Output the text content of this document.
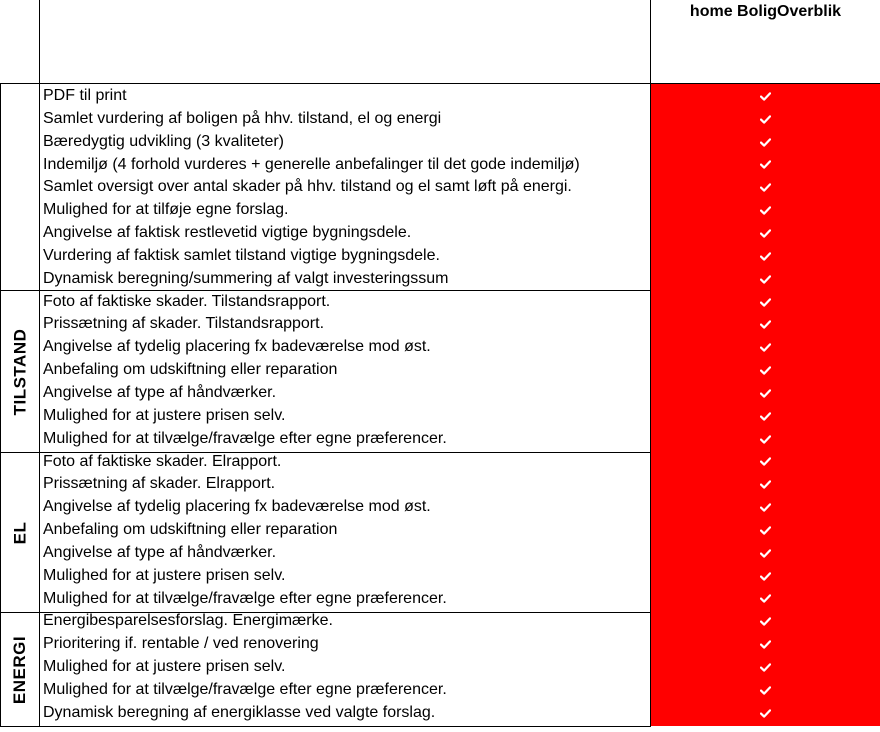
home BoligOverblik
PDF til print
Samlet vurdering af boligen på hhv. tilstand, el og energi
Bæredygtig udvikling (3 kvaliteter)
Indemiljø (4 forhold vurderes + generelle anbefalinger til det gode indemiljø)
Samlet oversigt over antal skader på hhv. tilstand og el samt løft på energi.
Mulighed for at tilføje egne forslag.
Angivelse af faktisk restlevetid vigtige bygningsdele.
Vurdering af faktisk samlet tilstand vigtige bygningsdele.
Dynamisk beregning/summering af valgt investeringssum
Foto af faktiske skader. Tilstandsrapport.
Prissætning af skader. Tilstandsrapport.
Angivelse af tydelig placering fx badeværelse mod øst.
Anbefaling om udskiftning eller reparation
Angivelse af type af håndværker.
Mulighed for at justere prisen selv.
Mulighed for at tilvælge/fravælge efter egne præferencer.
Foto af faktiske skader. Elrapport.
Prissætning af skader. Elrapport.
Angivelse af tydelig placering fx badeværelse mod øst.
Anbefaling om udskiftning eller reparation
Angivelse af type af håndværker.
Mulighed for at justere prisen selv.
Mulighed for at tilvælge/fravælge efter egne præferencer.
Energibesparelsesforslag. Energimærke.
Prioritering if. rentable / ved renovering
Mulighed for at justere prisen selv.
Mulighed for at tilvælge/fravælge efter egne præferencer.
Dynamisk beregning af energiklasse ved valgte forslag.
TILSTAND
EL
ENERGI
